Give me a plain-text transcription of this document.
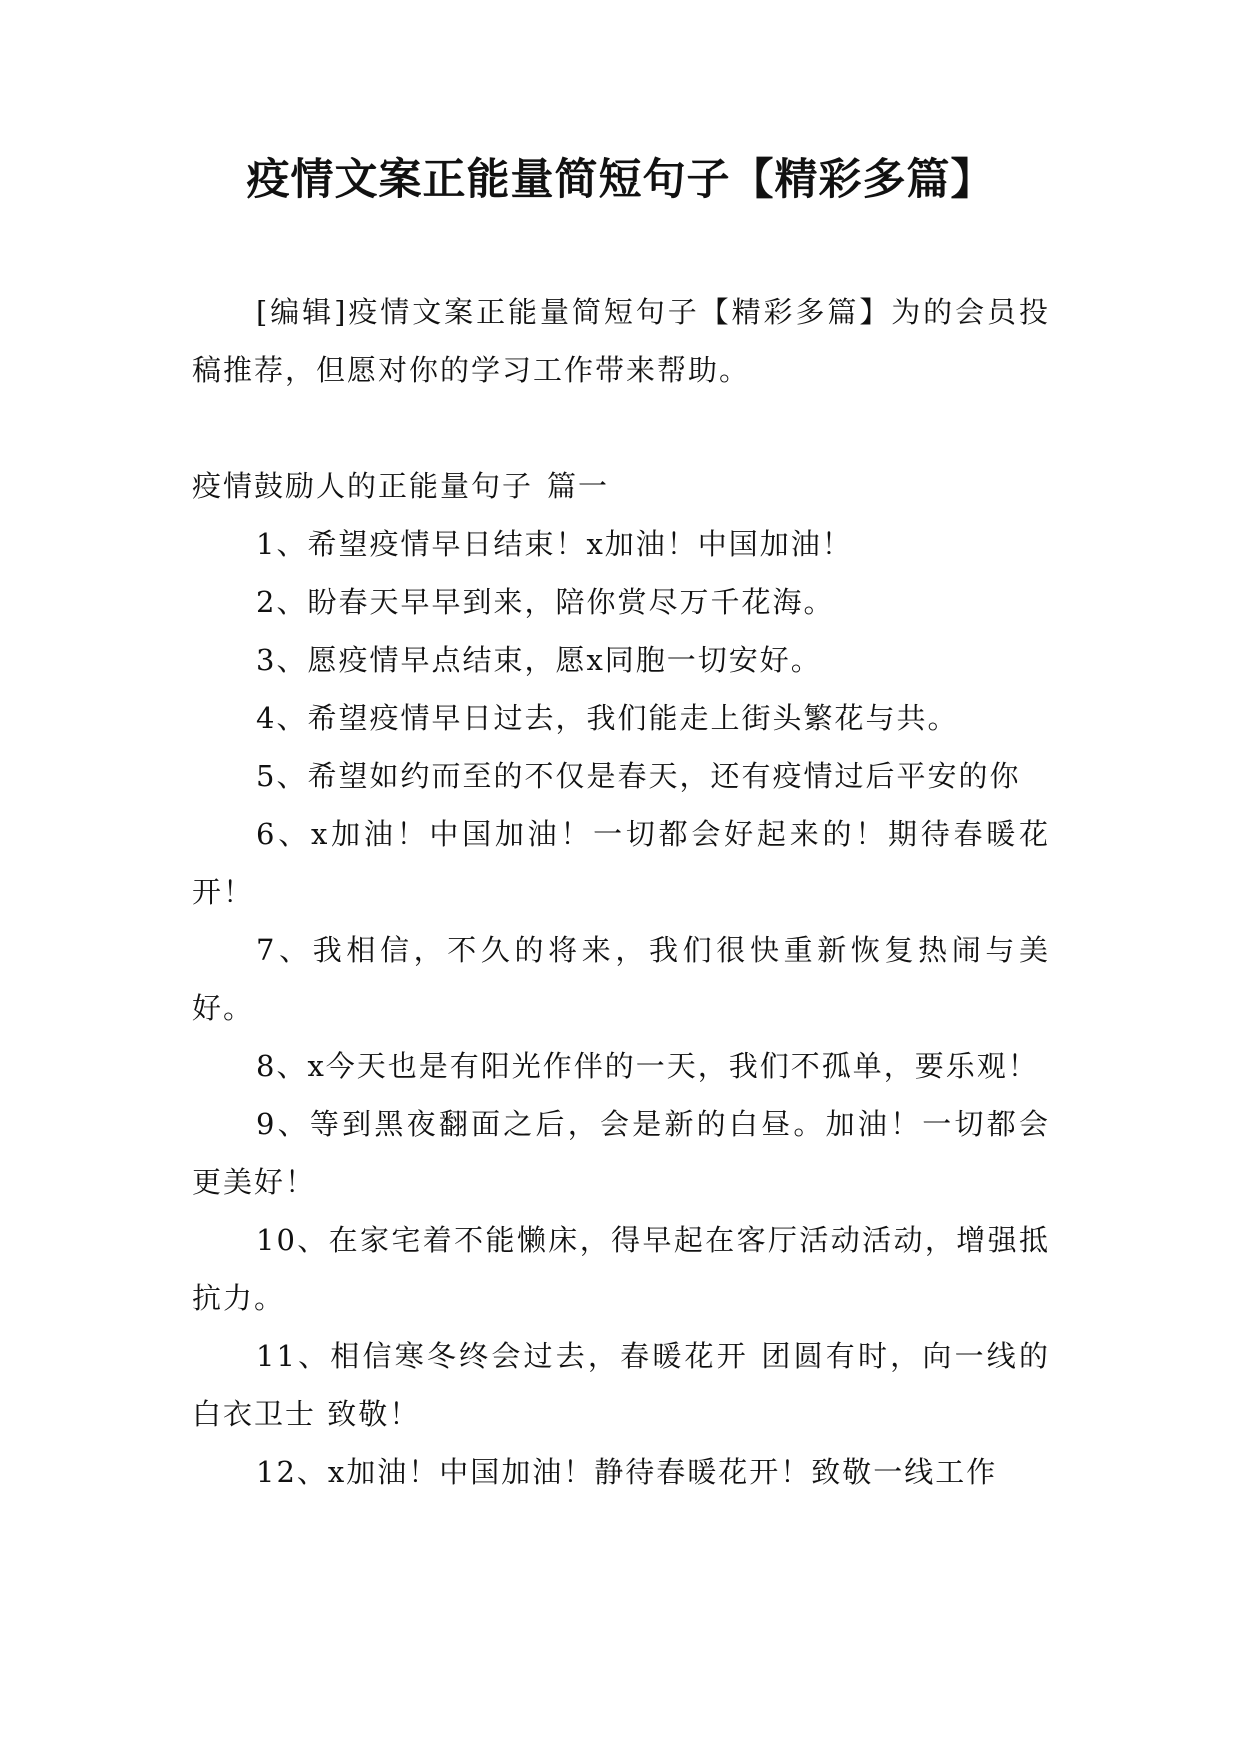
疫情文案正能量简短句子【精彩多篇】

[编辑]疫情文案正能量简短句子【精彩多篇】为的会员投稿推荐，但愿对你的学习工作带来帮助。

疫情鼓励人的正能量句子 篇一

1、希望疫情早日结束！x加油！中国加油！

2、盼春天早早到来，陪你赏尽万千花海。

3、愿疫情早点结束，愿x同胞一切安好。

4、希望疫情早日过去，我们能走上街头繁花与共。

5、希望如约而至的不仅是春天，还有疫情过后平安的你

6、x加油！中国加油！一切都会好起来的！期待春暖花开！

7、我相信，不久的将来，我们很快重新恢复热闹与美好。

8、x今天也是有阳光作伴的一天，我们不孤单，要乐观！

9、等到黑夜翻面之后，会是新的白昼。加油！一切都会更美好！

10、在家宅着不能懒床，得早起在客厅活动活动，增强抵抗力。

11、相信寒冬终会过去，春暖花开 团圆有时，向一线的白衣卫士 致敬！

12、x加油！中国加油！静待春暖花开！致敬一线工作
